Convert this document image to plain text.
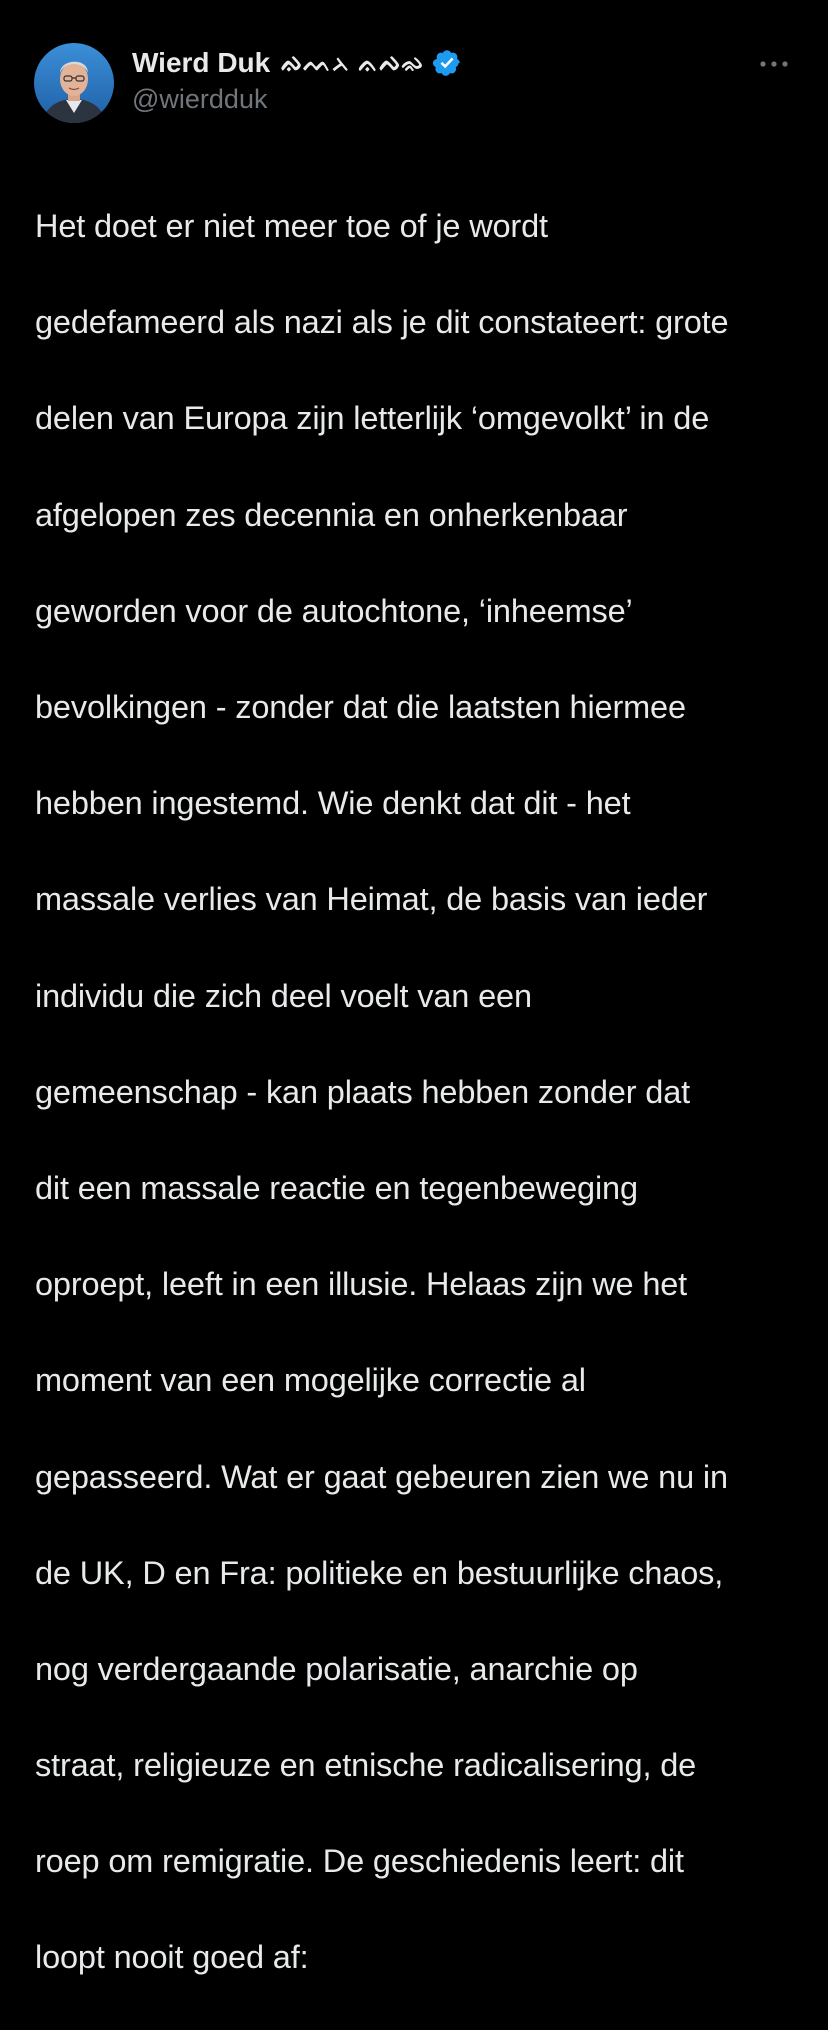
Wierd Duk ᨁᨓᨂ ᨊᨄᨋ
@wierdduk

Het doet er niet meer toe of je wordt

gedefameerd als nazi als je dit constateert: grote

delen van Europa zijn letterlijk ‘omgevolkt’ in de

afgelopen zes decennia en onherkenbaar

geworden voor de autochtone, ‘inheemse’

bevolkingen - zonder dat die laatsten hiermee

hebben ingestemd. Wie denkt dat dit - het

massale verlies van Heimat, de basis van ieder

individu die zich deel voelt van een

gemeenschap - kan plaats hebben zonder dat

dit een massale reactie en tegenbeweging

oproept, leeft in een illusie. Helaas zijn we het

moment van een mogelijke correctie al

gepasseerd. Wat er gaat gebeuren zien we nu in

de UK, D en Fra: politieke en bestuurlijke chaos,

nog verdergaande polarisatie, anarchie op

straat, religieuze en etnische radicalisering, de

roep om remigratie. De geschiedenis leert: dit

loopt nooit goed af:
